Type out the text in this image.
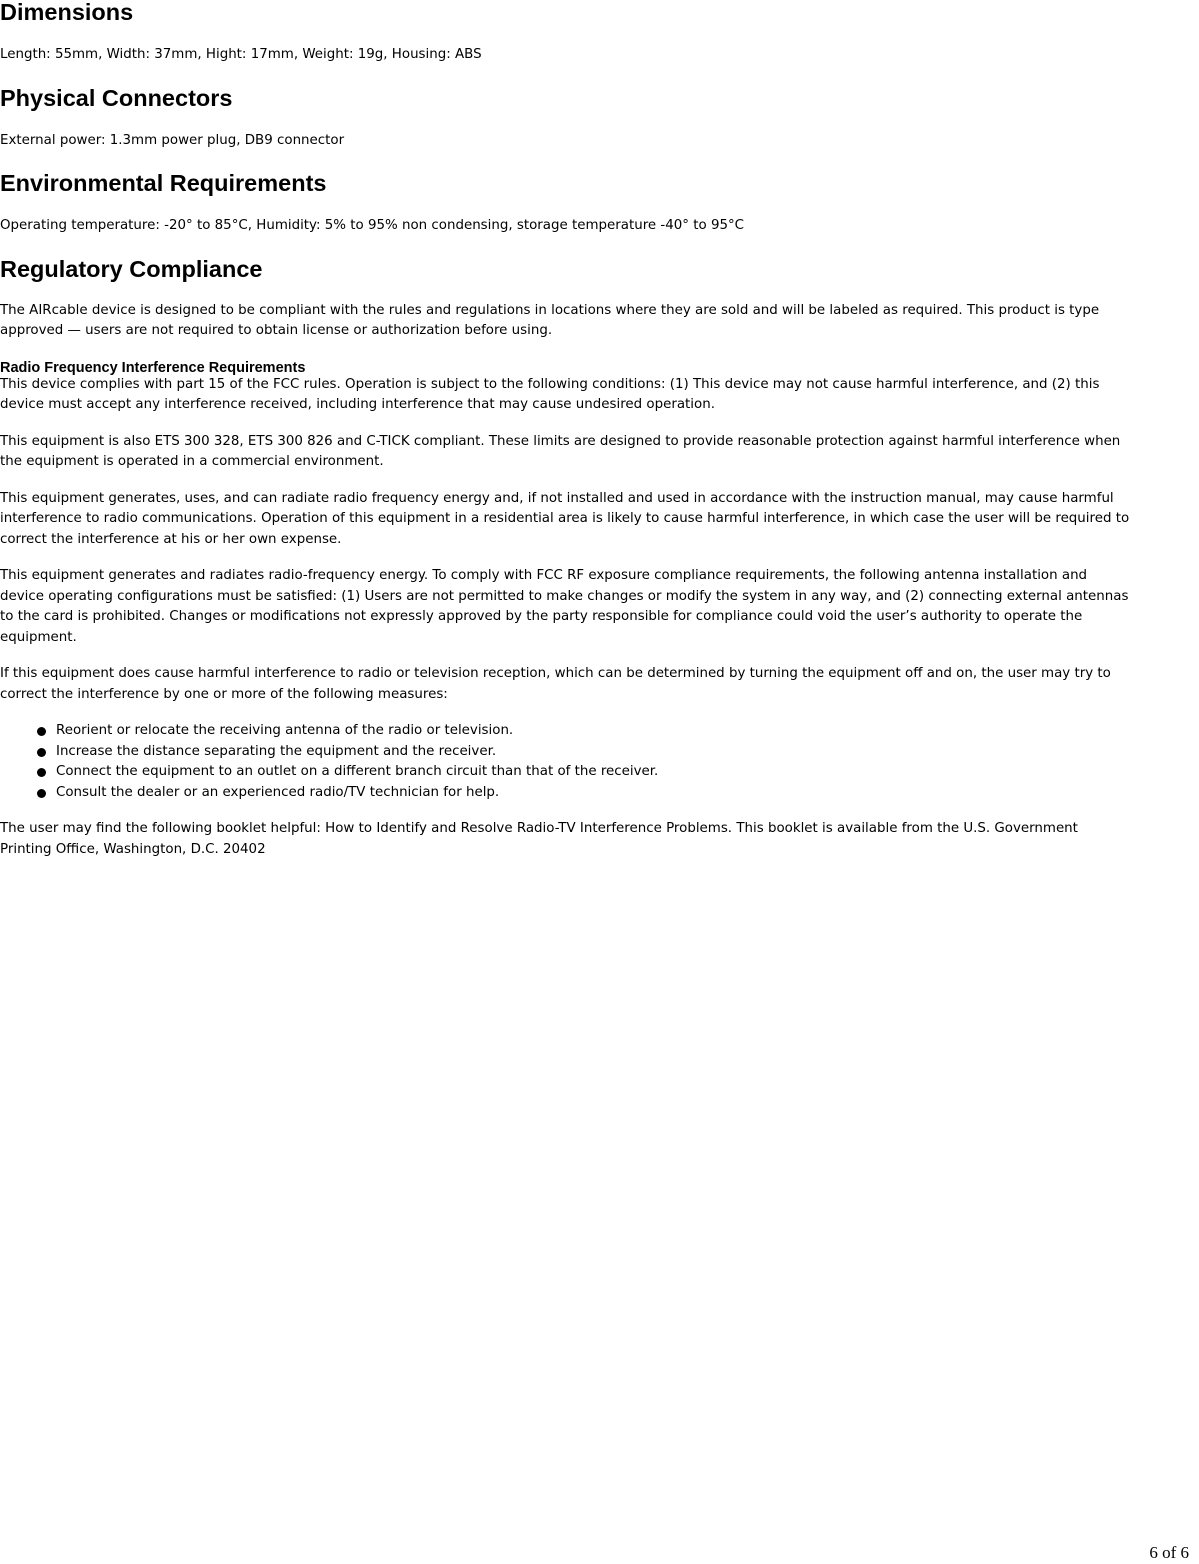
Dimensions

Length: 55mm, Width: 37mm, Hight: 17mm, Weight: 19g, Housing: ABS

Physical Connectors

External power: 1.3mm power plug, DB9 connector

Environmental Requirements

Operating temperature: -20° to 85°C, Humidity: 5% to 95% non condensing, storage temperature -40° to 95°C

Regulatory Compliance

The AIRcable device is designed to be compliant with the rules and regulations in locations where they are sold and will be labeled as required. This product is type approved — users are not required to obtain license or authorization before using.

Radio Frequency Interference Requirements

This device complies with part 15 of the FCC rules. Operation is subject to the following conditions: (1) This device may not cause harmful interference, and (2) this device must accept any interference received, including interference that may cause undesired operation.

This equipment is also ETS 300 328, ETS 300 826 and C-TICK compliant. These limits are designed to provide reasonable protection against harmful interference when the equipment is operated in a commercial environment.

This equipment generates, uses, and can radiate radio frequency energy and, if not installed and used in accordance with the instruction manual, may cause harmful interference to radio communications. Operation of this equipment in a residential area is likely to cause harmful interference, in which case the user will be required to correct the interference at his or her own expense.

This equipment generates and radiates radio-frequency energy. To comply with FCC RF exposure compliance requirements, the following antenna installation and device operating configurations must be satisfied: (1) Users are not permitted to make changes or modify the system in any way, and (2) connecting external antennas to the card is prohibited. Changes or modifications not expressly approved by the party responsible for compliance could void the user’s authority to operate the equipment.

If this equipment does cause harmful interference to radio or television reception, which can be determined by turning the equipment off and on, the user may try to correct the interference by one or more of the following measures:

Reorient or relocate the receiving antenna of the radio or television.
Increase the distance separating the equipment and the receiver.
Connect the equipment to an outlet on a different branch circuit than that of the receiver.
Consult the dealer or an experienced radio/TV technician for help.

The user may find the following booklet helpful: How to Identify and Resolve Radio-TV Interference Problems. This booklet is available from the U.S. Government Printing Office, Washington, D.C. 20402

6 of 6
